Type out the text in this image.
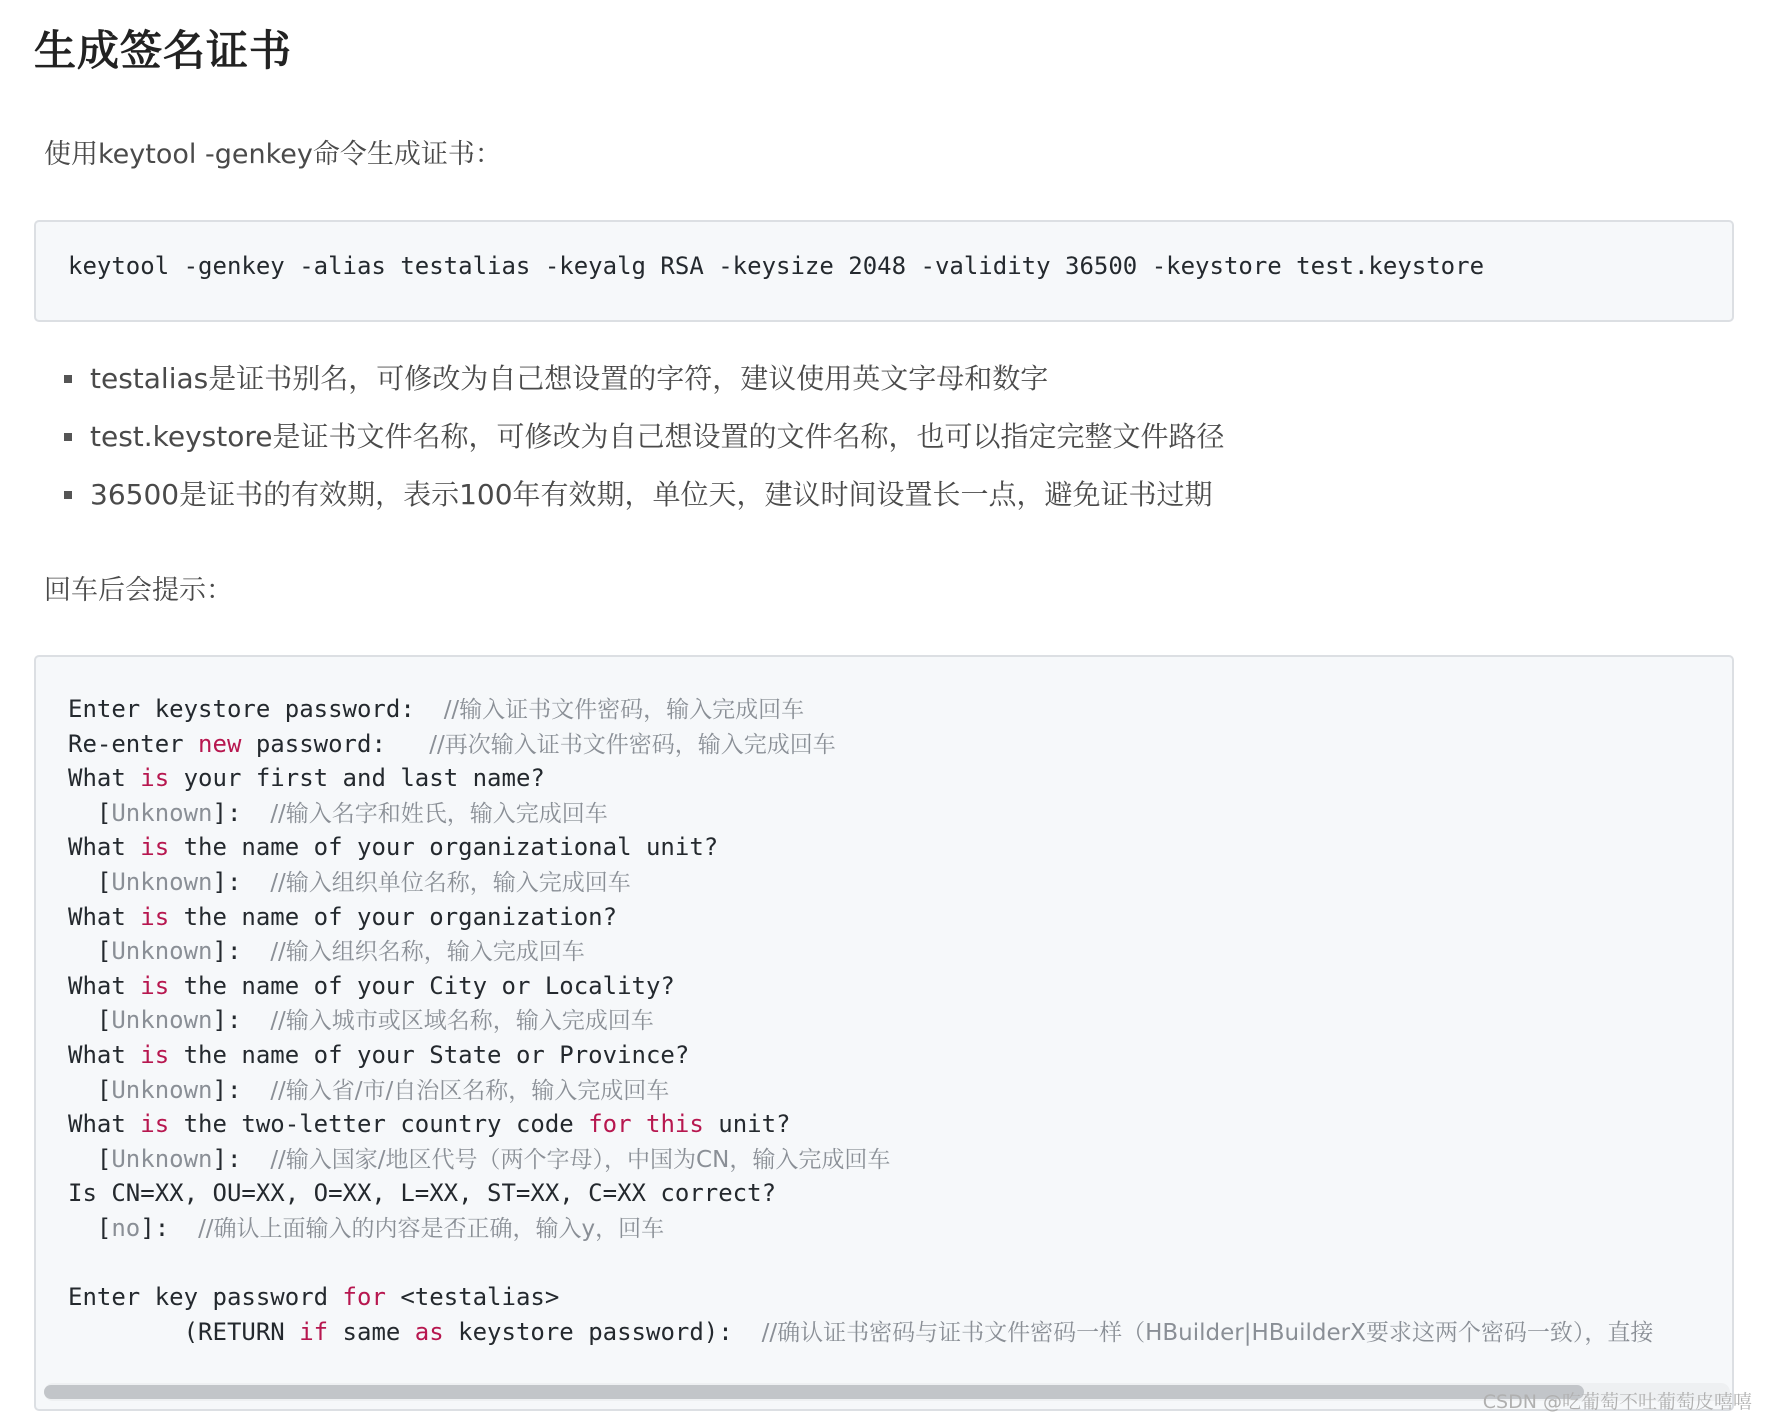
生成签名证书

使用keytool -genkey命令生成证书：

keytool -genkey -alias testalias -keyalg RSA -keysize 2048 -validity 36500 -keystore test.keystore
testalias是证书别名，可修改为自己想设置的字符，建议使用英文字母和数字
test.keystore是证书文件名称，可修改为自己想设置的文件名称，也可以指定完整文件路径
36500是证书的有效期，表示100年有效期，单位天，建议时间设置长一点，避免证书过期

回车后会提示：

Enter keystore password:  //输入证书文件密码，输入完成回车
Re-enter new password:   //再次输入证书文件密码，输入完成回车
What is your first and last name?
[Unknown]:  //输入名字和姓氏，输入完成回车
What is the name of your organizational unit?
[Unknown]:  //输入组织单位名称，输入完成回车
What is the name of your organization?
[Unknown]:  //输入组织名称，输入完成回车
What is the name of your City or Locality?
[Unknown]:  //输入城市或区域名称，输入完成回车
What is the name of your State or Province?
[Unknown]:  //输入省/市/自治区名称，输入完成回车
What is the two-letter country code for this unit?
[Unknown]:  //输入国家/地区代号（两个字母），中国为CN，输入完成回车
Is CN=XX, OU=XX, O=XX, L=XX, ST=XX, C=XX correct?
[no]:  //确认上面输入的内容是否正确，输入y，回车

Enter key password for <testalias>
(RETURN if same as keystore password):  //确认证书密码与证书文件密码一样（HBuilder|HBuilderX要求这两个密码一致），直接
CSDN @吃葡萄不吐葡萄皮嘻嘻
